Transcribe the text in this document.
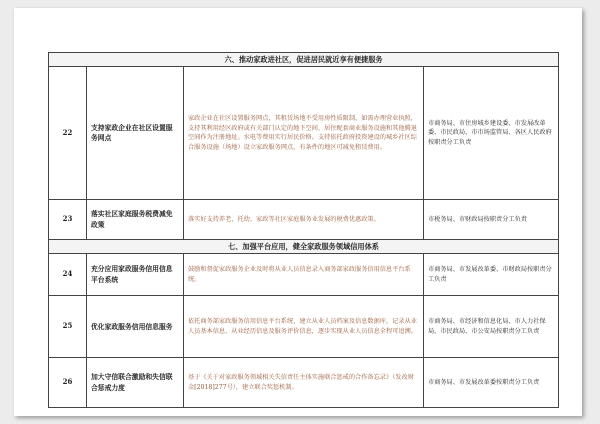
六、推动家政进社区，促进居民就近享有便捷服务			
22	支持家政企业在社区设置服务网点	家政企业在社区设置服务网点，其租赁场地不受用房性质限制，如需办理营业执照，支持其利用经区政府或有关部门认定的地下空间、居住配套商业服务设施和其他腾退空间作为注册地址。水电等费用实行居民价格。支持依托政府投资建设的城乡社区综合服务设施（场地）设立家政服务网点，有条件的地区可减免租赁费用。	市商务局、市住房城乡建设委、市发展改革委、市民政局、市市场监管局、各区人民政府按职责分工负责
23	落实社区家庭服务税费减免政策	落实好支持养老、托幼、家政等社区家庭服务业发展的税费优惠政策。	市税务局、市财政局按职责分工负责
七、加强平台应用，健全家政服务领域信用体系			
24	充分应用家政服务信用信息平台系统	鼓励和督促家政服务企业及时将从业人员信息录入商务部家政服务信用信息平台系统。	市商务局、市发展改革委、市财政局按职责分工负责
25	优化家政服务信用信息服务	依托商务部家政服务信用信息平台系统，建立从业人员档案及信息数据库，记录从业人员基本信息、从业经历信息及服务评价信息，逐步实现从业人员信息全程可追溯。	市商务局、市经济和信息化局、市人力社保局、市民政局、市公安局按职责分工负责
26	加大守信联合激励和失信联合惩戒力度	基于《关于对家政服务领域相关失信责任主体实施联合惩戒的合作备忘录》（发改财金[2018]277号），建立联合奖惩机制。	市商务局、市发展改革委按职责分工负责
